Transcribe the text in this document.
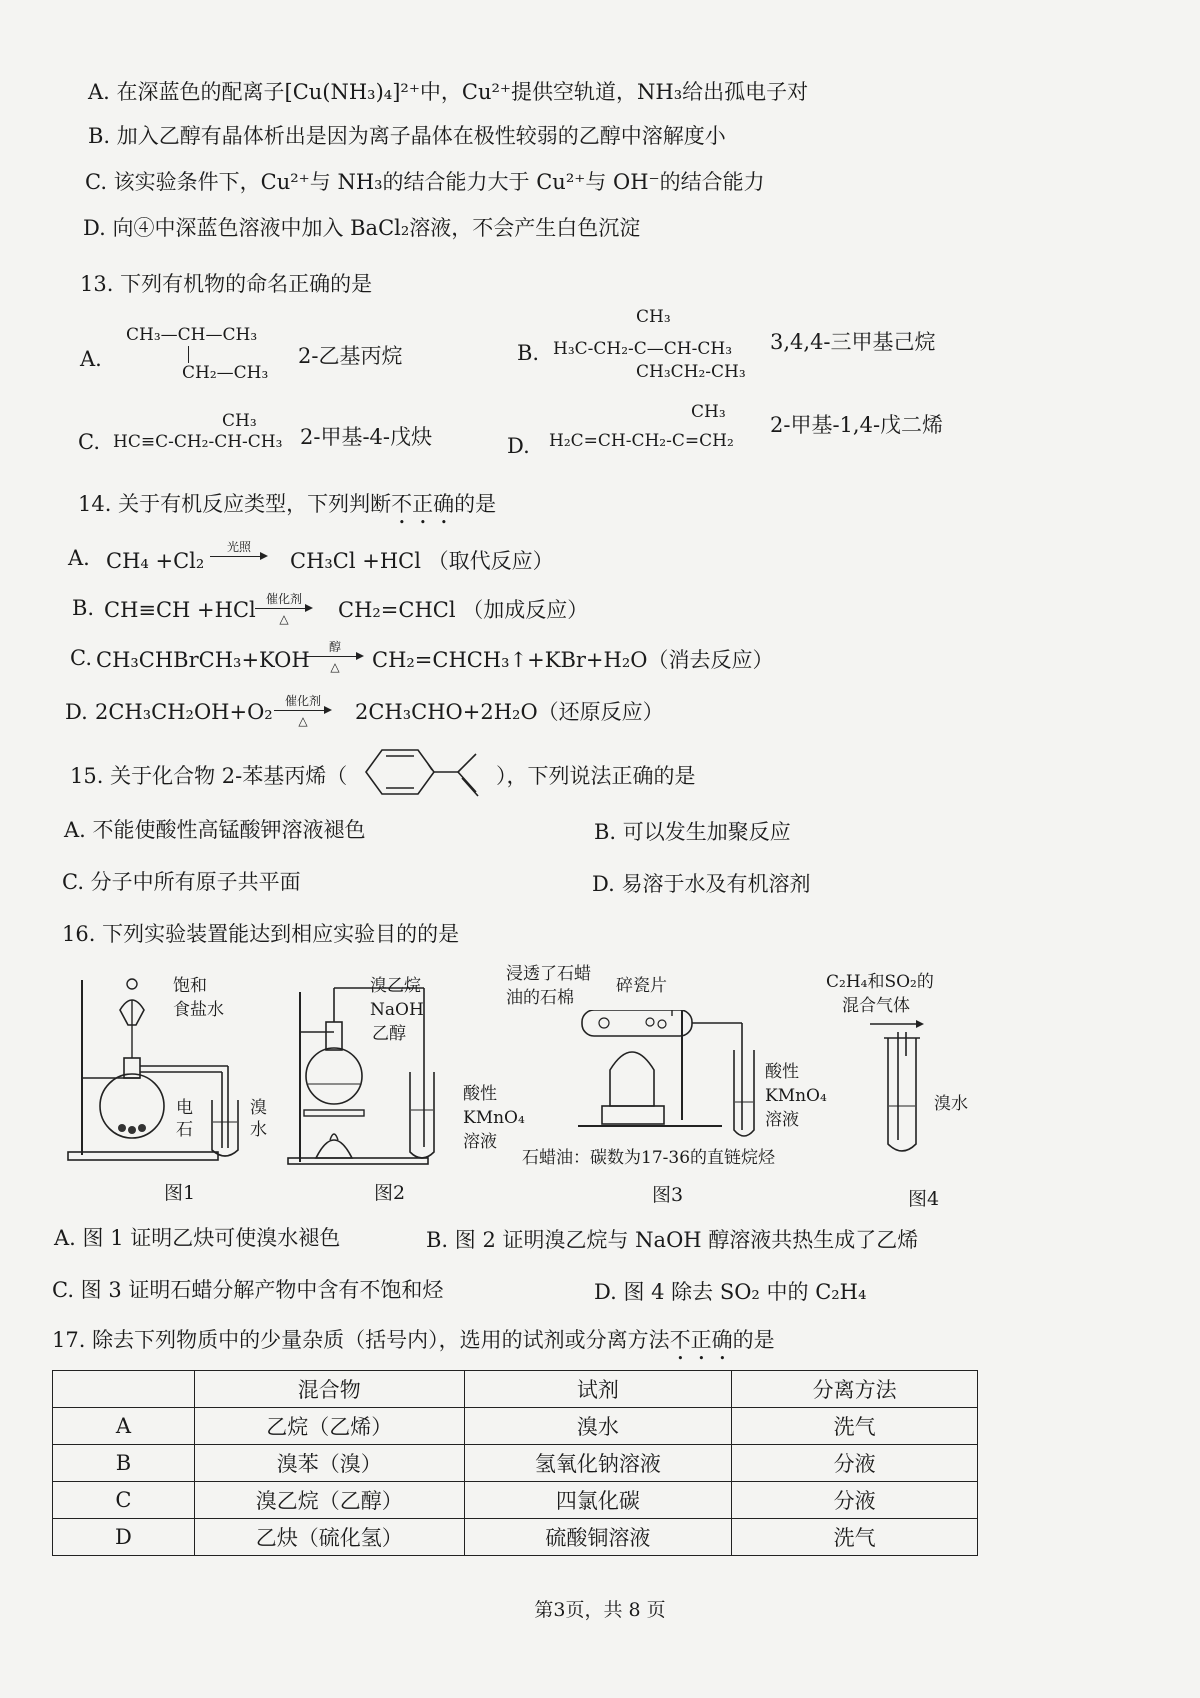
A. 在深蓝色的配离子[Cu(NH₃)₄]²⁺中，Cu²⁺提供空轨道，NH₃给出孤电子对
B. 加入乙醇有晶体析出是因为离子晶体在极性较弱的乙醇中溶解度小
C. 该实验条件下，Cu²⁺与 NH₃的结合能力大于 Cu²⁺与 OH⁻的结合能力
D. 向④中深蓝色溶液中加入 BaCl₂溶液，不会产生白色沉淀
13. 下列有机物的命名正确的是
A.
CH₃—CH—CH₃
CH₂—CH₃
2-乙基丙烷	B.
CH₃
H₃C-CH₂-C—CH-CH₃
CH₃CH₂-CH₃
3,4,4-三甲基己烷
C.
CH₃
HC≡C-CH₂-CH-CH₃ 2-甲基-4-戊炔	D.
CH₃
H₂C=CH-CH₂-C=CH₂
2-甲基-1,4-戊二烯
14. 关于有机反应类型，下列判断不正确的是
A. CH₄ +Cl₂
光照
CH₃Cl +HCl （取代反应）
B. CH≡CH +HCl 催化剂
△	CH₂=CHCl （加成反应）
C. CH₃CHBrCH₃+KOH
醇
△	CH₂=CHCH₃↑+KBr+H₂O（消去反应）
D. 2CH₃CH₂OH+O₂	催化剂
△	2CH₃CHO+2H₂O（还原反应）
15. 关于化合物 2-苯基丙烯（	），下列说法正确的是
A. 不能使酸性高锰酸钾溶液褪色	B. 可以发生加聚反应
C. 分子中所有原子共平面	D. 易溶于水及有机溶剂
16. 下列实验装置能达到相应实验目的的是
饱和
食盐水
电
石
溴
水
图1
溴乙烷
NaOH
乙醇
酸性
KMnO₄
溶液
图2
浸透了石蜡
油的石棉
碎瓷片
酸性
KMnO₄
溶液
石蜡油：碳数为17-36的直链烷烃
图3
C₂H₄和SO₂的
混合气体
溴水
图4
A. 图 1 证明乙炔可使溴水褪色	B. 图 2 证明溴乙烷与 NaOH 醇溶液共热生成了乙烯
C. 图 3 证明石蜡分解产物中含有不饱和烃	D. 图 4 除去 SO₂ 中的 C₂H₄
17. 除去下列物质中的少量杂质（括号内），选用的试剂或分离方法不正确的是
	混合物	试剂	分离方法
A	乙烷（乙烯）	溴水	洗气
B	溴苯（溴）	氢氧化钠溶液	分液
C	溴乙烷（乙醇）	四氯化碳	分液
D	乙炔（硫化氢）	硫酸铜溶液	洗气
第3页，共 8 页
